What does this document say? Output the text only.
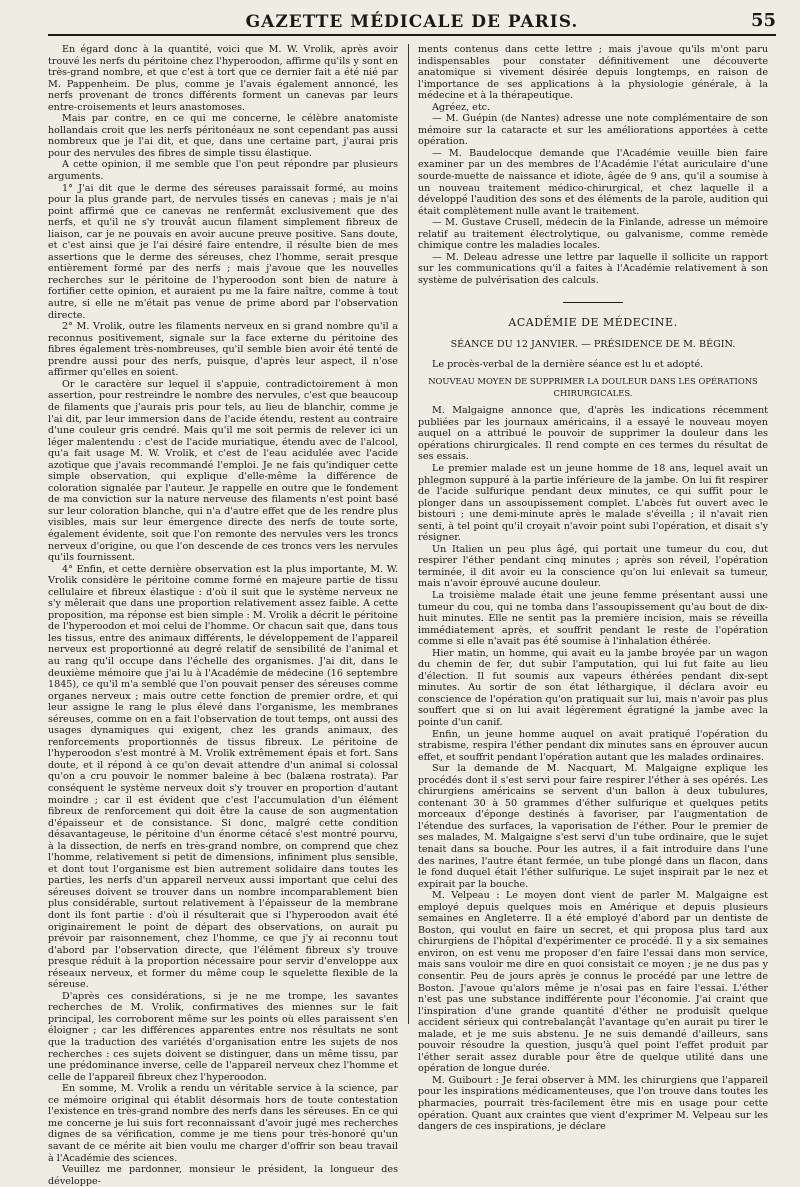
GAZETTE MÉDICALE DE PARIS.	55

En égard donc à la quantité, voici que M. W. Vrolik, après avoir trouvé les nerfs du péritoine chez l'hyperoodon, affirme qu'ils y sont en très-grand nombre, et que c'est à tort que ce dernier fait a été nié par M. Pappenheim. De plus, comme je l'avais également annoncé, les nerfs provenant de troncs différents forment un canevas par leurs entre-croisements et leurs anastomoses.

Mais par contre, en ce qui me concerne, le célèbre anatomiste hollandais croit que les nerfs péritonéaux ne sont cependant pas aussi nombreux que je l'ai dit, et que, dans une certaine part, j'aurai pris pour des nervules des fibres de simple tissu élastique.

A cette opinion, il me semble que l'on peut répondre par plusieurs arguments.

1° J'ai dit que le derme des séreuses paraissait formé, au moins pour la plus grande part, de nervules tissés en canevas ; mais je n'ai point affirmé que ce canevas ne renfermât exclusivement que des nerfs, et qu'il ne s'y trouvât aucun filament simplement fibreux de liaison, car je ne pouvais en avoir aucune preuve positive. Sans doute, et c'est ainsi que je l'ai désiré faire entendre, il résulte bien de mes assertions que le derme des séreuses, chez l'homme, serait presque entièrement formé par des nerfs ; mais j'avoue que les nouvelles recherches sur le péritoine de l'hyperoodon sont bien de nature à fortifier cette opinion, et auraient pu me la faire naître, comme à tout autre, si elle ne m'était pas venue de prime abord par l'observation directe.

2° M. Vrolik, outre les filaments nerveux en si grand nombre qu'il a reconnus positivement, signale sur la face externe du péritoine des fibres également très-nombreuses, qu'il semble bien avoir été tenté de prendre aussi pour des nerfs, puisque, d'après leur aspect, il n'ose affirmer qu'elles en soient.

Or le caractère sur lequel il s'appuie, contradictoirement à mon assertion, pour restreindre le nombre des nervules, c'est que beaucoup de filaments que j'aurais pris pour tels, au lieu de blanchir, comme je l'ai dit, par leur immersion dans de l'acide étendu, restent au contraire d'une couleur gris cendré. Mais qu'il me soit permis de relever ici un léger malentendu : c'est de l'acide muriatique, étendu avec de l'alcool, qu'a fait usage M. W. Vrolik, et c'est de l'eau acidulée avec l'acide azotique que j'avais recommandé l'emploi. Je ne fais qu'indiquer cette simple observation, qui explique d'elle-même la différence de coloration signalée par l'auteur. Je rappelle en outre que le fondement de ma conviction sur la nature nerveuse des filaments n'est point basé sur leur coloration blanche, qui n'a d'autre effet que de les rendre plus visibles, mais sur leur émergence directe des nerfs de toute sorte, également évidente, soit que l'on remonte des nervules vers les troncs nerveux d'origine, ou que l'on descende de ces troncs vers les nervules qu'ils fournissent.

4° Enfin, et cette dernière observation est la plus importante, M. W. Vrolik considère le péritoine comme formé en majeure partie de tissu cellulaire et fibreux élastique : d'où il suit que le système nerveux ne s'y mêlerait que dans une proportion relativement assez faible. A cette proposition, ma réponse est bien simple : M. Vrolik a décrit le péritoine de l'hyperoodon et moi celui de l'homme. Or chacun sait que, dans tous les tissus, entre des animaux différents, le développement de l'appareil nerveux est proportionné au degré relatif de sensibilité de l'animal et au rang qu'il occupe dans l'échelle des organismes. J'ai dit, dans le deuxième mémoire que j'ai lu à l'Académie de médecine (16 septembre 1845), ce qu'il m'a semblé que l'on pouvait penser des séreuses comme organes nerveux ; mais outre cette fonction de premier ordre, et qui leur assigne le rang le plus élevé dans l'organisme, les membranes séreuses, comme on en a fait l'observation de tout temps, ont aussi des usages dynamiques qui exigent, chez les grands animaux, des renforcements proportionnés de tissus fibreux. Le péritoine de l'hyperoodon s'est montré à M. Vrolik extrêmement épais et fort. Sans doute, et il répond à ce qu'on devait attendre d'un animal si colossal qu'on a cru pouvoir le nommer baleine à bec (balæna rostrata). Par conséquent le système nerveux doit s'y trouver en proportion d'autant moindre ; car il est évident que c'est l'accumulation d'un élément fibreux de renforcement qui doit être la cause de son augmentation d'épaisseur et de consistance. Si donc, malgré cette condition désavantageuse, le péritoine d'un énorme cétacé s'est montré pourvu, à la dissection, de nerfs en très-grand nombre, on comprend que chez l'homme, relativement si petit de dimensions, infiniment plus sensible, et dont tout l'organisme est bien autrement solidaire dans toutes les parties, les nerfs d'un appareil nerveux aussi important que celui des séreuses doivent se trouver dans un nombre incomparablement bien plus considérable, surtout relativement à l'épaisseur de la membrane dont ils font partie : d'où il résulterait que si l'hyperoodon avait été originairement le point de départ des observations, on aurait pu prévoir par raisonnement, chez l'homme, ce que j'y ai reconnu tout d'abord par l'observation directe, que l'élément fibreux s'y trouve presque réduit à la proportion nécessaire pour servir d'enveloppe aux réseaux nerveux, et former du même coup le squelette flexible de la séreuse.

D'après ces considérations, si je ne me trompe, les savantes recherches de M. Vrolik, confirmatives des miennes sur le fait principal, les corroborent même sur les points où elles paraissent s'en éloigner ; car les différences apparentes entre nos résultats ne sont que la traduction des variétés d'organisation entre les sujets de nos recherches : ces sujets doivent se distinguer, dans un même tissu, par une prédominance inverse, celle de l'appareil nerveux chez l'homme et celle de l'appareil fibreux chez l'hyperoodon.

En somme, M. Vrolik a rendu un véritable service à la science, par ce mémoire original qui établit désormais hors de toute contestation l'existence en très-grand nombre des nerfs dans les séreuses. En ce qui me concerne je lui suis fort reconnaissant d'avoir jugé mes recherches dignes de sa vérification, comme je me tiens pour très-honoré qu'un savant de ce mérite ait bien voulu me charger d'offrir son beau travail à l'Académie des sciences.

Veuillez me pardonner, monsieur le président, la longueur des développe-

ments contenus dans cette lettre ; mais j'avoue qu'ils m'ont paru indispensables pour constater définitivement une découverte anatomique si vivement désirée depuis longtemps, en raison de l'importance de ses applications à la physiologie générale, à la médecine et à la thérapeutique.

Agréez, etc.

— M. Guépin (de Nantes) adresse une note complémentaire de son mémoire sur la cataracte et sur les améliorations apportées à cette opération.

— M. Baudelocque demande que l'Académie veuille bien faire examiner par un des membres de l'Académie l'état auriculaire d'une sourde-muette de naissance et idiote, âgée de 9 ans, qu'il a soumise à un nouveau traitement médico-chirurgical, et chez laquelle il a développé l'audition des sons et des éléments de la parole, audition qui était complètement nulle avant le traitement.

— M. Gustave Crusell, médecin de la Finlande, adresse un mémoire relatif au traitement électrolytique, ou galvanisme, comme remède chimique contre les maladies locales.

— M. Deleau adresse une lettre par laquelle il sollicite un rapport sur les communications qu'il a faites à l'Académie relativement à son système de pulvérisation des calculs.

ACADÉMIE DE MÉDECINE.
SÉANCE DU 12 JANVIER. — PRÉSIDENCE DE M. BÉGIN.

Le procès-verbal de la dernière séance est lu et adopté.

NOUVEAU MOYEN DE SUPPRIMER LA DOULEUR DANS LES OPÉRATIONS CHIRURGICALES.

M. Malgaigne annonce que, d'après les indications récemment publiées par les journaux américains, il a essayé le nouveau moyen auquel on a attribué le pouvoir de supprimer la douleur dans les opérations chirurgicales. Il rend compte en ces termes du résultat de ses essais.

Le premier malade est un jeune homme de 18 ans, lequel avait un phlegmon suppuré à la partie inférieure de la jambe. On lui fit respirer de l'acide sulfurique pendant deux minutes, ce qui suffit pour le plonger dans un assoupissement complet. L'abcès fut ouvert avec le bistouri ; une demi-minute après le malade s'éveilla ; il n'avait rien senti, à tel point qu'il croyait n'avoir point subi l'opération, et disait s'y résigner.

Un Italien un peu plus âgé, qui portait une tumeur du cou, dut respirer l'éther pendant cinq minutes ; après son réveil, l'opération terminée, il dit avoir eu la conscience qu'on lui enlevait sa tumeur, mais n'avoir éprouvé aucune douleur.

La troisième malade était une jeune femme présentant aussi une tumeur du cou, qui ne tomba dans l'assoupissement qu'au bout de dix-huit minutes. Elle ne sentit pas la première incision, mais se réveilla immédiatement après, et souffrit pendant le reste de l'opération comme si elle n'avait pas été soumise à l'inhalation éthérée.

Hier matin, un homme, qui avait eu la jambe broyée par un wagon du chemin de fer, dut subir l'amputation, qui lui fut faite au lieu d'élection. Il fut soumis aux vapeurs éthérées pendant dix-sept minutes. Au sortir de son état léthargique, il déclara avoir eu conscience de l'opération qu'on pratiquait sur lui, mais n'avoir pas plus souffert que si on lui avait légèrement égratigné la jambe avec la pointe d'un canif.

Enfin, un jeune homme auquel on avait pratiqué l'opération du strabisme, respira l'éther pendant dix minutes sans en éprouver aucun effet, et souffrit pendant l'opération autant que les malades ordinaires.

Sur la demande de M. Nacquart, M. Malgaigne explique les procédés dont il s'est servi pour faire respirer l'éther à ses opérés. Les chirurgiens américains se servent d'un ballon à deux tubulures, contenant 30 à 50 grammes d'éther sulfurique et quelques petits morceaux d'éponge destinés à favoriser, par l'augmentation de l'étendue des surfaces, la vaporisation de l'éther. Pour le premier de ses malades, M. Malgaigne s'est servi d'un tube ordinaire, que le sujet tenait dans sa bouche. Pour les autres, il a fait introduire dans l'une des narines, l'autre étant fermée, un tube plongé dans un flacon, dans le fond duquel était l'éther sulfurique. Le sujet inspirait par le nez et expirait par la bouche.

M. Velpeau : Le moyen dont vient de parler M. Malgaigne est employé depuis quelques mois en Amérique et depuis plusieurs semaines en Angleterre. Il a été employé d'abord par un dentiste de Boston, qui voulut en faire un secret, et qui proposa plus tard aux chirurgiens de l'hôpital d'expérimenter ce procédé. Il y a six semaines environ, on est venu me proposer d'en faire l'essai dans mon service, mais sans vouloir me dire en quoi consistait ce moyen ; je ne dus pas y consentir. Peu de jours après je connus le procédé par une lettre de Boston. J'avoue qu'alors même je n'osai pas en faire l'essai. L'éther n'est pas une substance indifférente pour l'économie. J'ai craint que l'inspiration d'une grande quantité d'éther ne produisît quelque accident sérieux qui contrebalançât l'avantage qu'en aurait pu tirer le malade, et je me suis abstenu. Je ne suis demandé d'ailleurs, sans pouvoir résoudre la question, jusqu'à quel point l'effet produit par l'éther serait assez durable pour être de quelque utilité dans une opération de longue durée.

M. Guibourt : Je ferai observer à MM. les chirurgiens que l'appareil pour les inspirations médicamenteuses, que l'on trouve dans toutes les pharmacies, pourrait très-facilement être mis en usage pour cette opération. Quant aux craintes que vient d'exprimer M. Velpeau sur les dangers de ces inspirations, je déclare
